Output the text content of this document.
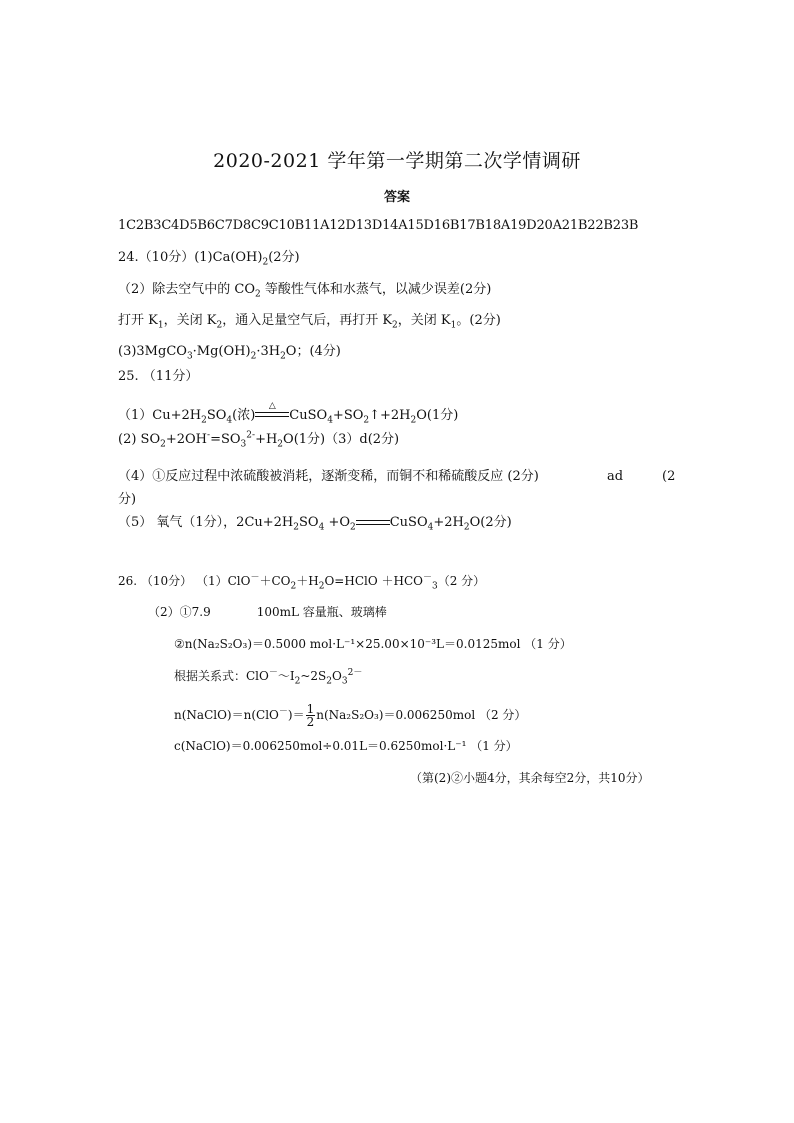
2020-2021 学年第一学期第二次学情调研
答案
1C2B3C4D5B6C7D8C9C10B11A12D13D14A15D16B17B18A19D20A21B22B23B
24.（10分）$(1)Ca(OH)_2(2$分)
（2）除去空气中的 $CO_2$ 等酸性气体和水蒸气，以减少误差(2分)
打开 $K_1$，关闭 $K_2$，通入足量空气后，再打开 $K_2$，关闭 $K_1$。(2分)
$(3)3MgCO_3\cdot Mg(OH)_2\cdot 3H_2O$；(4分)
25. （11分）
$(1)Cu+2H_2SO_4$(浓)
△
$CuSO_4+SO_2↑+2H_2O(1$分)
(2) $SO_2+2OH^-=SO_3^{2-}+H_2O(1$分)（3）d(2分)
（4）①反应过程中浓硫酸被消耗，逐渐变稀，而铜不和稀硫酸反应 (2分)	ad	(2
分)
（5） 氧气（1分），$2Cu+2H_2SO_4 +O_2$	$CuSO_4+2H_2O(2$分)
26. （10分） $(1)ClO^-+CO_2+H_2O=HClO +HCO^-_3(2$ 分）
（2）①7.9	100mL 容量瓶、玻璃棒
②n(Na₂S₂O₃)＝0.5000 mol·L⁻¹×25.00×10⁻³L＝0.0125mol （1 分）
根据关系式：$ClO^-\sim I_2\sim 2S_2O_3^{2-}$
n(NaClO)＝n(ClO－)＝ $\frac{1}{2} n(Na_2S_2O_3)=0.006250mol$ （2 分）
c(NaClO)＝0.006250mol÷0.01L＝0.6250mol·L⁻¹ （1 分）
（第(2)②小题4分，其余每空2分，共10分）
